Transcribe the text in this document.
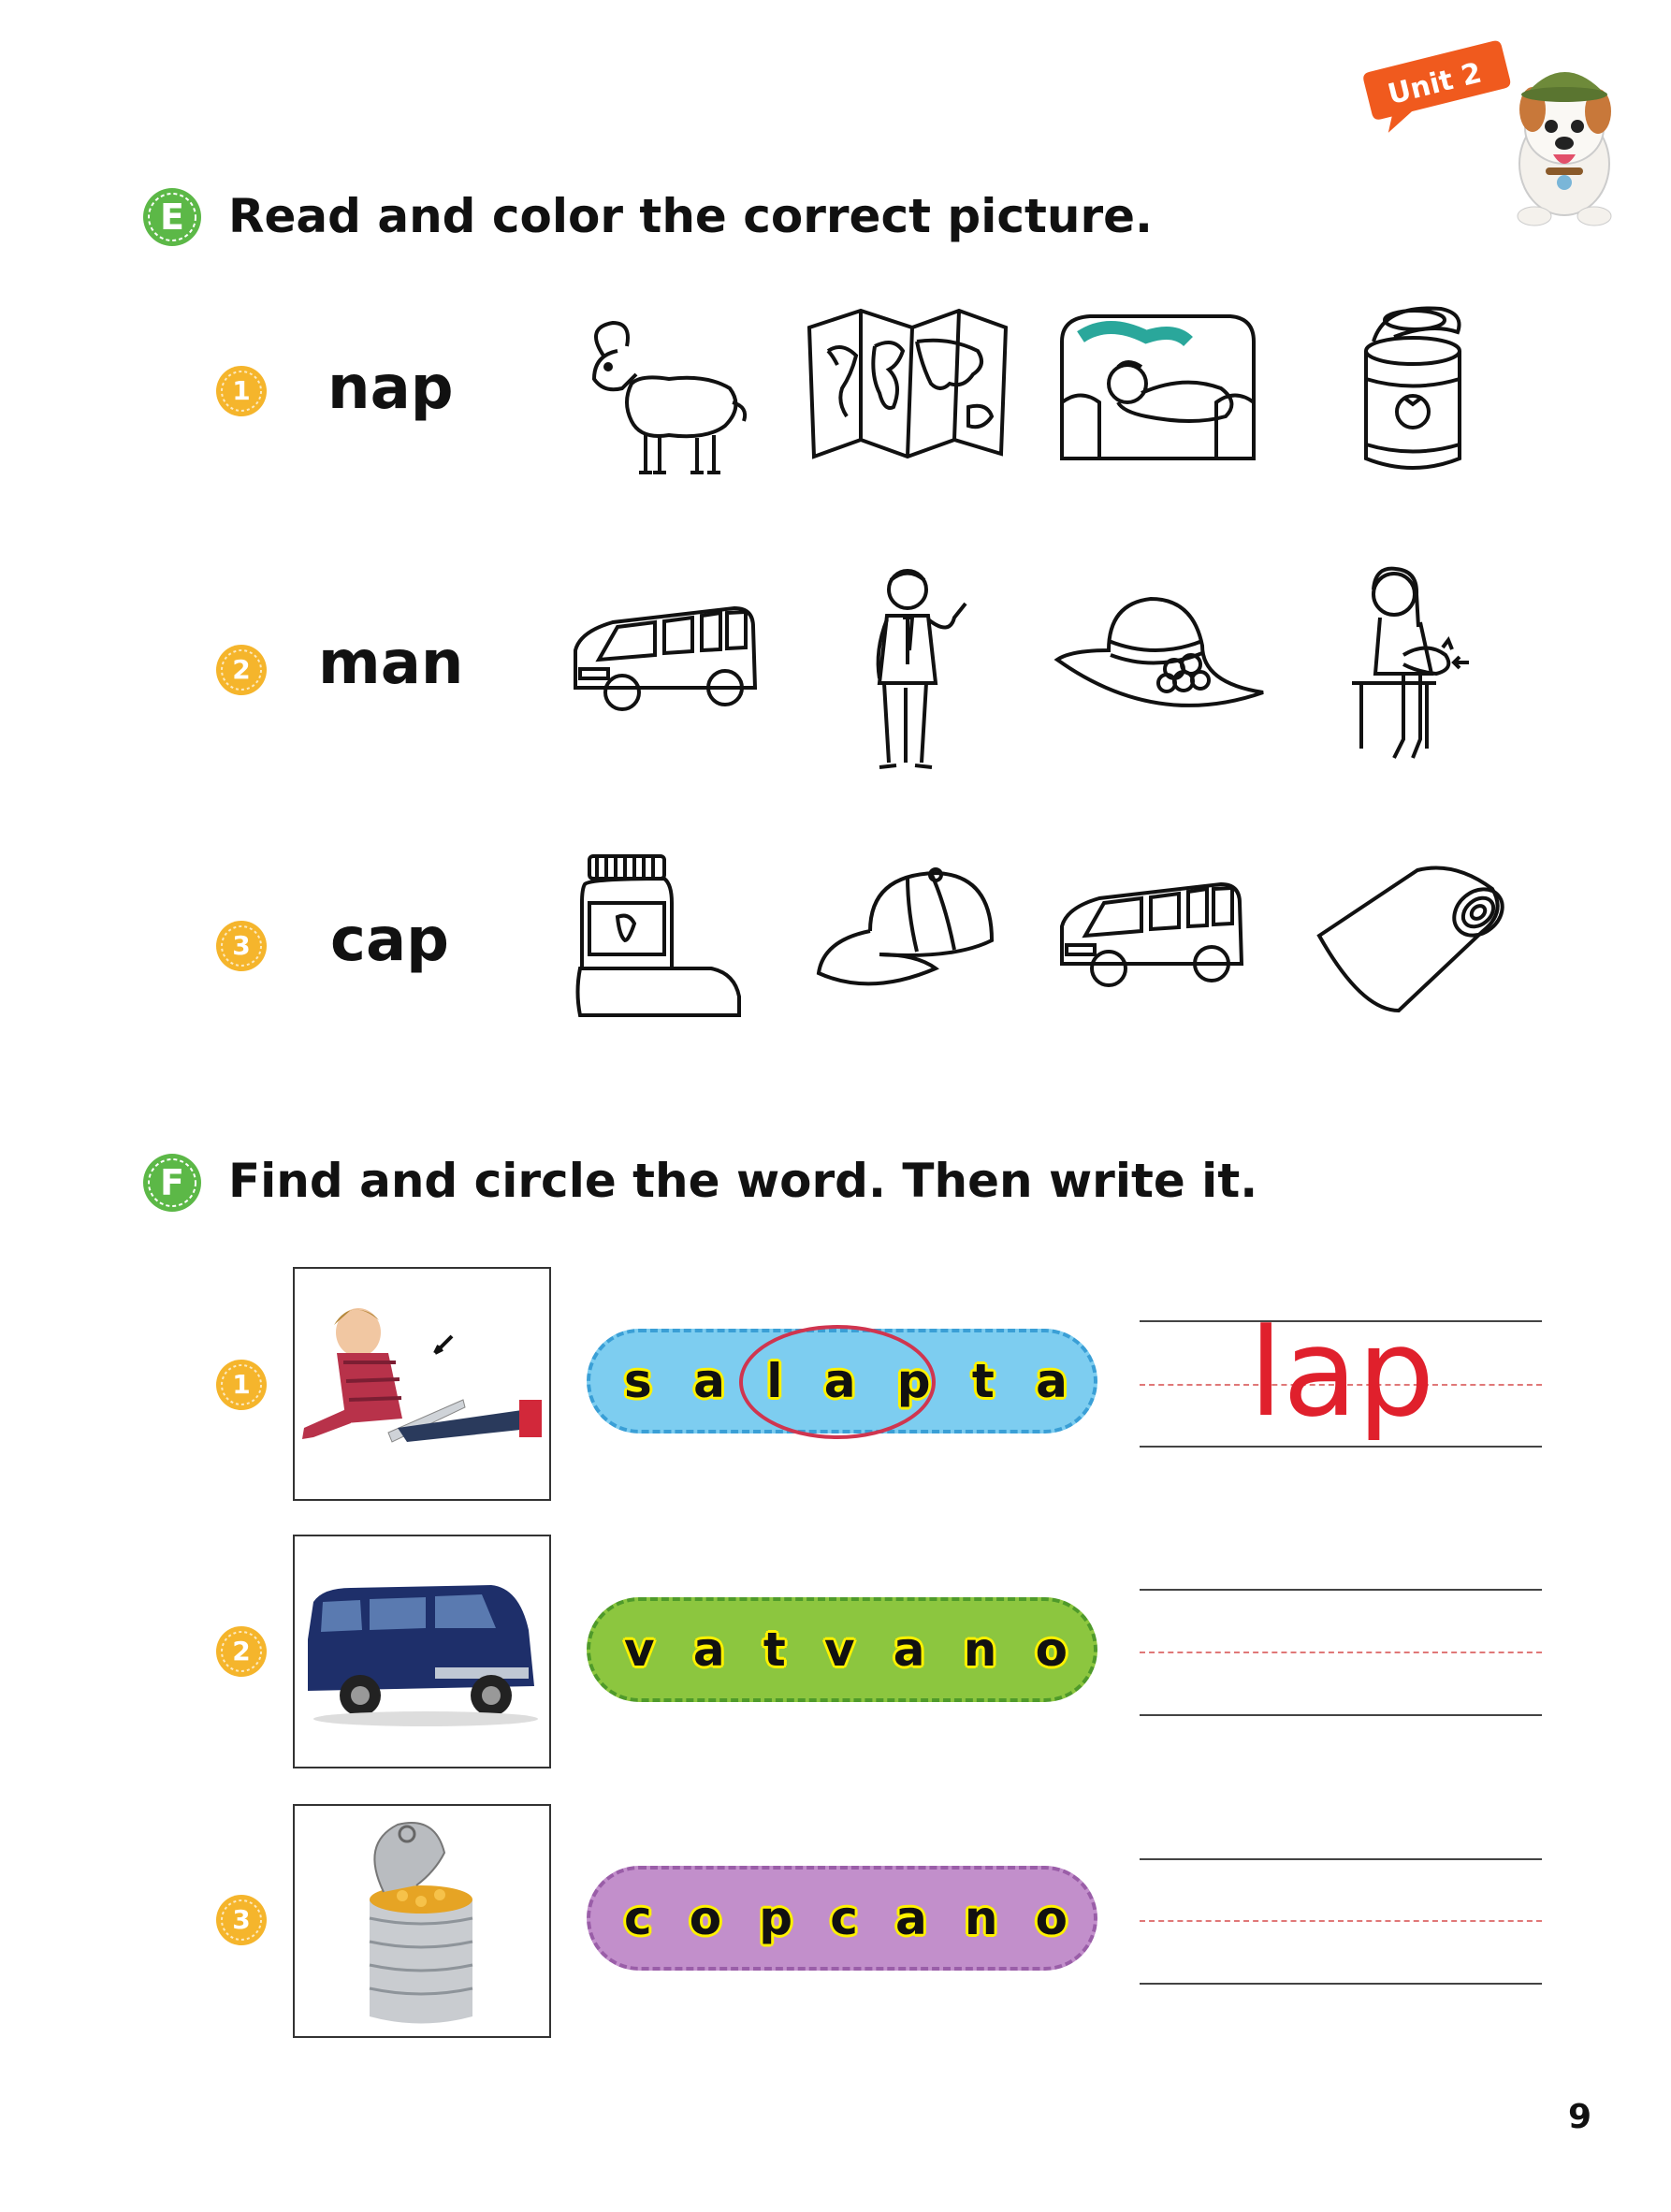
Unit 2
E Read and color the correct picture.
1 nap
2 man
3 cap
F Find and circle the word. Then write it.
1	s a l a p t a lap
2	v a t v a n o
3	c o p c a n o
9
